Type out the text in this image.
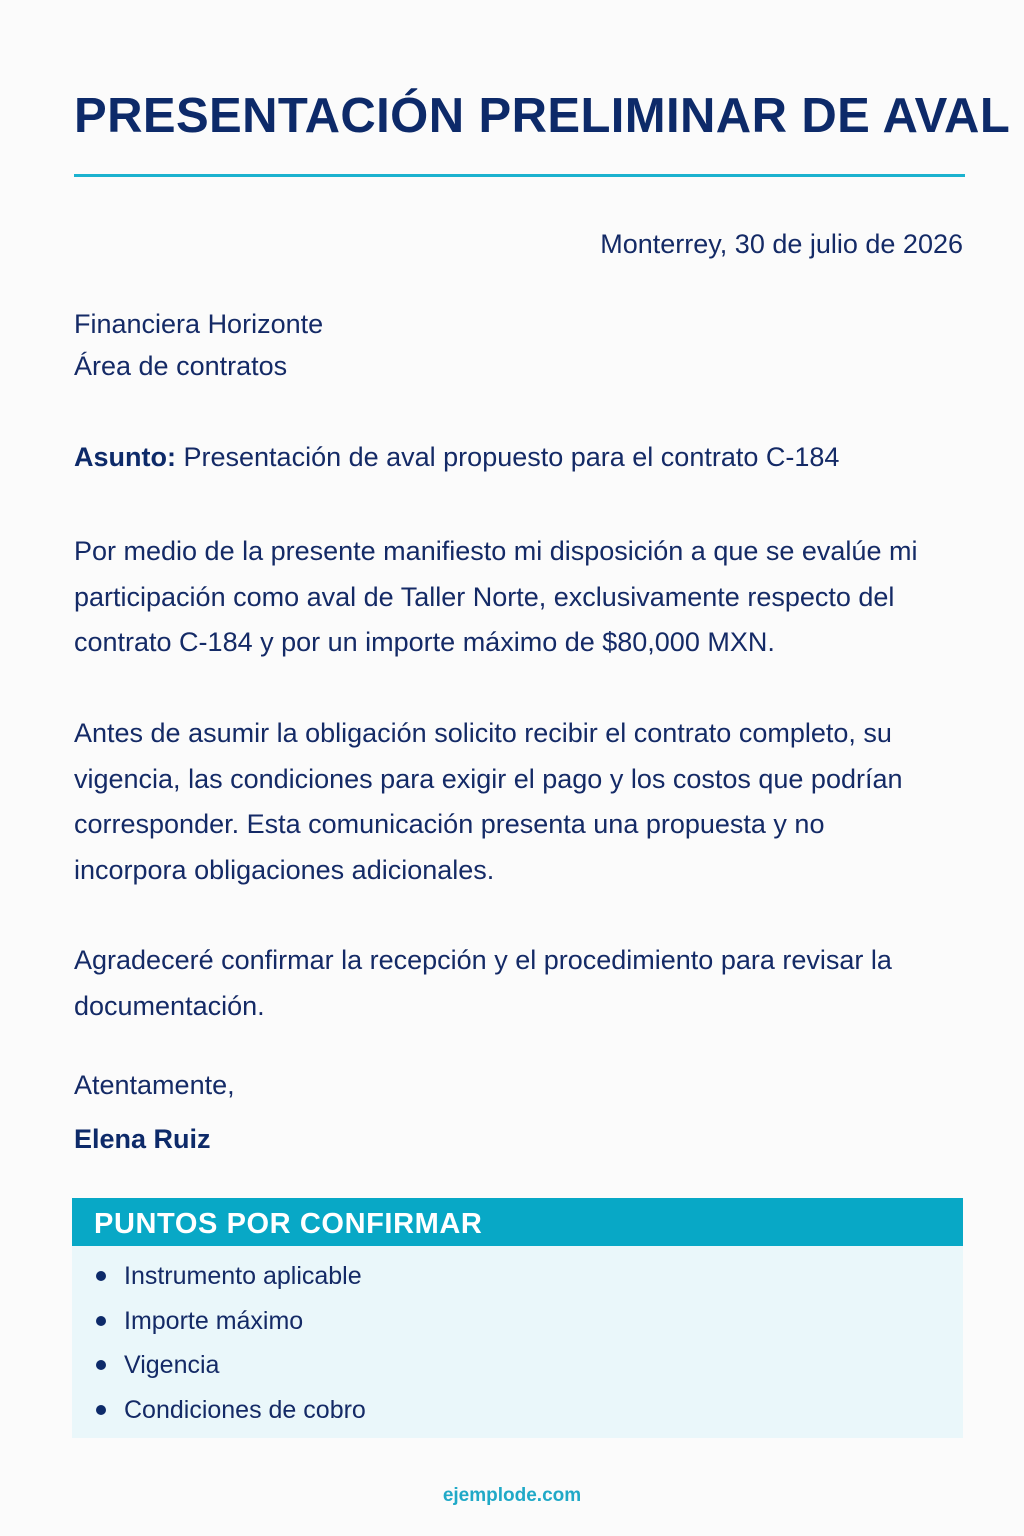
PRESENTACIÓN PRELIMINAR DE AVAL
Monterrey, 30 de julio de 2026
Financiera Horizonte
Área de contratos
Asunto: Presentación de aval propuesto para el contrato C-184

Por medio de la presente manifiesto mi disposición a que se evalúe mi participación como aval de Taller Norte, exclusivamente respecto del contrato C-184 y por un importe máximo de $80,000 MXN.

Antes de asumir la obligación solicito recibir el contrato completo, su vigencia, las condiciones para exigir el pago y los costos que podrían corresponder. Esta comunicación presenta una propuesta y no incorpora obligaciones adicionales.

Agradeceré confirmar la recepción y el procedimiento para revisar la documentación.

Atentamente,
Elena Ruiz
PUNTOS POR CONFIRMAR
Instrumento aplicable
Importe máximo
Vigencia
Condiciones de cobro
ejemplode.com
